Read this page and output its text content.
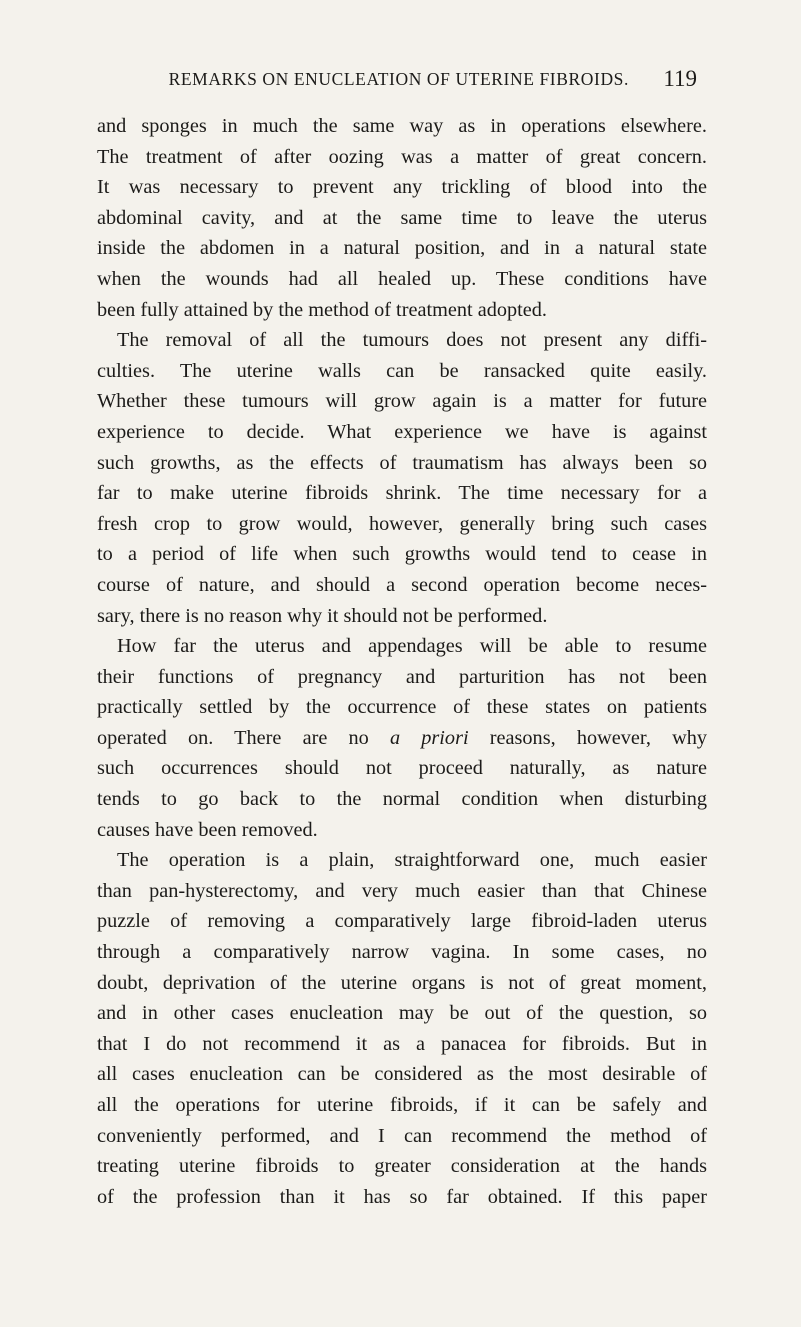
REMARKS ON ENUCLEATION OF UTERINE FIBROIDS. 119
and sponges in much the same way as in operations elsewhere.
The treatment of after oozing was a matter of great concern.
It was necessary to prevent any trickling of blood into the
abdominal cavity, and at the same time to leave the uterus
inside the abdomen in a natural position, and in a natural state
when the wounds had all healed up. These conditions have
been fully attained by the method of treatment adopted.
The removal of all the tumours does not present any diffi-
culties. The uterine walls can be ransacked quite easily.
Whether these tumours will grow again is a matter for future
experience to decide. What experience we have is against
such growths, as the effects of traumatism has always been so
far to make uterine fibroids shrink. The time necessary for a
fresh crop to grow would, however, generally bring such cases
to a period of life when such growths would tend to cease in
course of nature, and should a second operation become neces-
sary, there is no reason why it should not be performed.
How far the uterus and appendages will be able to resume
their functions of pregnancy and parturition has not been
practically settled by the occurrence of these states on patients
operated on. There are no a priori reasons, however, why
such occurrences should not proceed naturally, as nature
tends to go back to the normal condition when disturbing
causes have been removed.
The operation is a plain, straightforward one, much easier
than pan-hysterectomy, and very much easier than that Chinese
puzzle of removing a comparatively large fibroid-laden uterus
through a comparatively narrow vagina. In some cases, no
doubt, deprivation of the uterine organs is not of great moment,
and in other cases enucleation may be out of the question, so
that I do not recommend it as a panacea for fibroids. But in
all cases enucleation can be considered as the most desirable of
all the operations for uterine fibroids, if it can be safely and
conveniently performed, and I can recommend the method of
treating uterine fibroids to greater consideration at the hands
of the profession than it has so far obtained. If this paper
